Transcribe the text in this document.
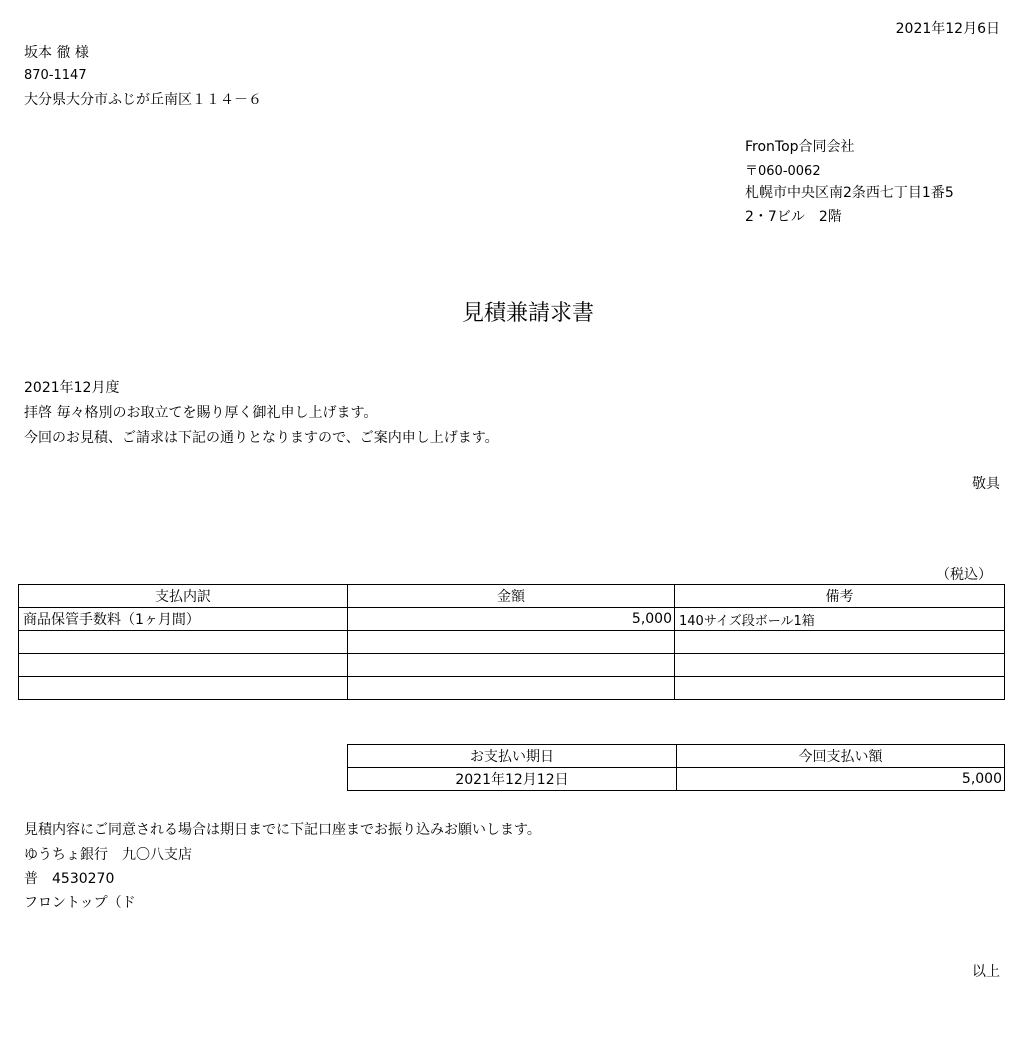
2021年12月6日
坂本 徹 様
870-1147
大分県大分市ふじが丘南区１１４－６
FronTop合同会社
〒060-0062
札幌市中央区南2条西七丁目1番5
2・7ビル　2階
見積兼請求書
2021年12月度
拝啓 毎々格別のお取立てを賜り厚く御礼申し上げます。
今回のお見積、ご請求は下記の通りとなりますので、ご案内申し上げます。
敬具
（税込）
支払内訳	金額	備考
商品保管手数料（1ヶ月間）	5,000	140サイズ段ボール1箱

お支払い期日	今回支払い額
2021年12月12日	5,000
見積内容にご同意される場合は期日までに下記口座までお振り込みお願いします。
ゆうちょ銀行　九〇八支店
普　4530270
フロントップ（ド
以上
